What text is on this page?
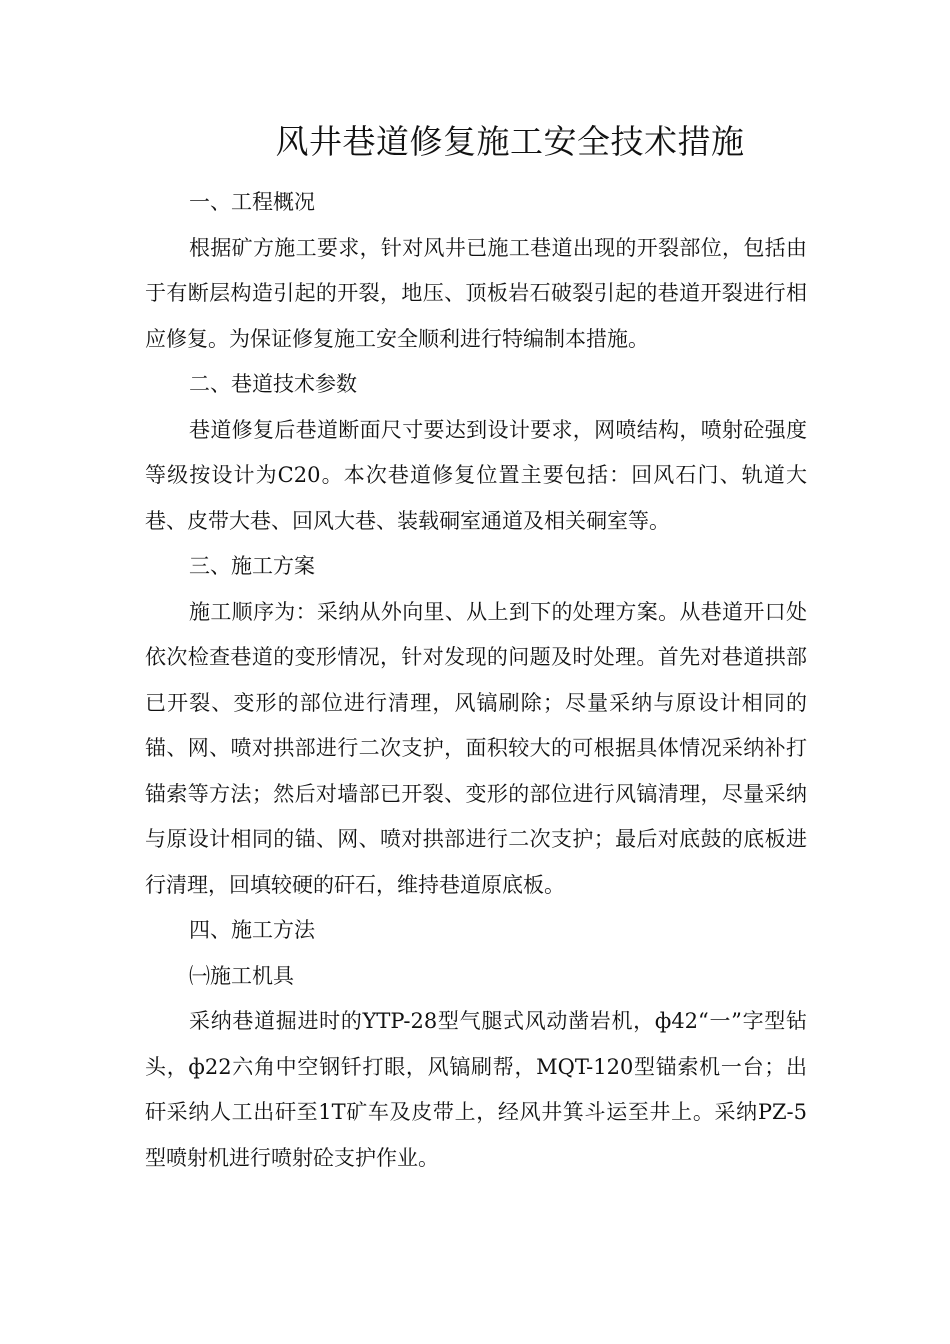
风井巷道修复施工安全技术措施

一、工程概况

根据矿方施工要求，针对风井已施工巷道出现的开裂部位，包括由于有断层构造引起的开裂，地压、顶板岩石破裂引起的巷道开裂进行相应修复。为保证修复施工安全顺利进行特编制本措施。

二、巷道技术参数

巷道修复后巷道断面尺寸要达到设计要求，网喷结构，喷射砼强度等级按设计为C20。本次巷道修复位置主要包括：回风石门、轨道大巷、皮带大巷、回风大巷、装载硐室通道及相关硐室等。

三、施工方案

施工顺序为：采纳从外向里、从上到下的处理方案。从巷道开口处依次检查巷道的变形情况，针对发现的问题及时处理。首先对巷道拱部已开裂、变形的部位进行清理，风镐刷除；尽量采纳与原设计相同的锚、网、喷对拱部进行二次支护，面积较大的可根据具体情况采纳补打锚索等方法；然后对墙部已开裂、变形的部位进行风镐清理，尽量采纳与原设计相同的锚、网、喷对拱部进行二次支护；最后对底鼓的底板进行清理，回填较硬的矸石，维持巷道原底板。

四、施工方法

㈠施工机具

采纳巷道掘进时的YTP-28型气腿式风动凿岩机，ф42“一”字型钻头，ф22六角中空钢钎打眼，风镐刷帮，MQT-120型锚索机一台；出矸采纳人工出矸至1T矿车及皮带上，经风井箕斗运至井上。采纳PZ-5型喷射机进行喷射砼支护作业。
